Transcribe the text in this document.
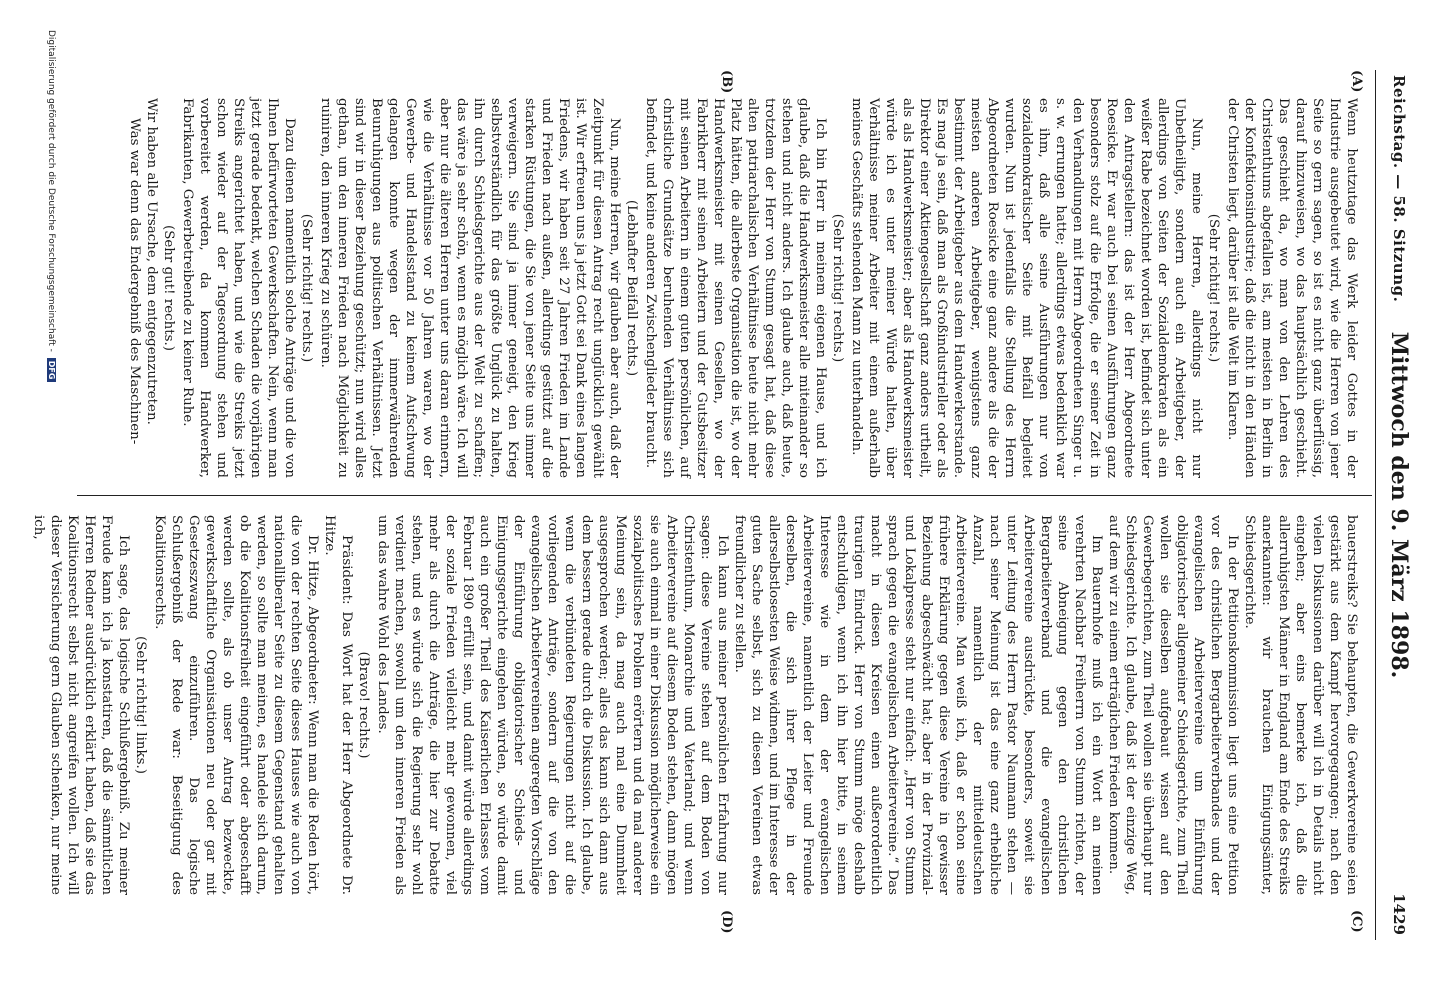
Reichstag. — 58. Sitzung.
Mittwoch den 9. März 1898.
1429
(A)
(B)
(C)
(D)

Wenn heutzutage das Werk leider Gottes in der Industrie ausgebeutet wird, wie die Herren von jener Seite so gern sagen, so ist es nicht ganz überflüssig, darauf hinzuweisen, wo das hauptsächlich geschieht. Das geschieht da, wo man von den Lehren des Christenthums abgefallen ist, am meisten in Berlin in der Konfektionsindustrie; daß die nicht in den Händen der Christen liegt, darüber ist alle Welt im Klaren.

(Sehr richtig! rechts.)

Nun, meine Herren, allerdings nicht nur Unbetheiligte, sondern auch ein Arbeitgeber, der allerdings von Seiten der Sozialdemokraten als ein weißer Rabe bezeichnet worden ist, befindet sich unter den Antragstellern: das ist der Herr Abgeordnete Roesicke. Er war auch bei seinen Ausführungen ganz besonders stolz auf die Erfolge, die er seiner Zeit in den Verhandlungen mit Herrn Abgeordneten Singer u. s. w. errungen hatte; allerdings etwas bedenklich war es ihm, daß alle seine Ausführungen nur von sozialdemokratischer Seite mit Beifall begleitet wurden. Nun ist jedenfalls die Stellung des Herrn Abgeordneten Roesicke eine ganz andere als die der meisten anderen Arbeitgeber, wenigstens ganz bestimmt der Arbeitgeber aus dem Handwerkerstande. Es mag ja sein, daß man als Großindustrieller oder als Direktor einer Aktiengesellschaft ganz anders urtheilt, als als Handwerksmeister; aber als Handwerksmeister würde ich es unter meiner Würde halten, über Verhältnisse meiner Arbeiter mit einem außerhalb meines Geschäfts stehenden Mann zu unterhandeln.

(Sehr richtig! rechts.)

Ich bin Herr in meinem eigenen Hause, und ich glaube, daß die Handwerksmeister alle miteinander so stehen und nicht anders. Ich glaube auch, daß heute, trotzdem der Herr von Stumm gesagt hat, daß diese alten patriarchalischen Verhältnisse heute nicht mehr Platz hätten, die allerbeste Organisation die ist, wo der Handwerksmeister mit seinen Gesellen, wo der Fabrikherr mit seinen Arbeitern und der Gutsbesitzer mit seinen Arbeitern in einem guten persönlichen, auf christliche Grundsätze beruhenden Verhältnisse sich befindet, und keine anderen Zwischenglieder braucht.

(Lebhafter Beifall rechts.)

Nun, meine Herren, wir glauben aber auch, daß der Zeitpunkt für diesen Antrag recht unglücklich gewählt ist. Wir erfreuen uns ja jetzt Gott sei Dank eines langen Friedens, wir haben seit 27 Jahren Frieden im Lande und Frieden nach außen, allerdings gestützt auf die starken Rüstungen, die Sie von jener Seite uns immer verweigern. Sie sind ja immer geneigt, den Krieg selbstverständlich für das größte Unglück zu halten, ihn durch Schiedsgerichte aus der Welt zu schaffen; das wäre ja sehr schön, wenn es möglich wäre. Ich will aber nur die älteren Herren unter uns daran erinnern, wie die Verhältnisse vor 50 Jahren waren, wo der Gewerbe- und Handelsstand zu keinem Aufschwung gelangen konnte wegen der immerwährenden Beunruhigungen aus politischen Verhältnissen. Jetzt sind wir in dieser Beziehung geschützt; nun wird alles gethan, um den inneren Frieden nach Möglichkeit zu ruiniren, den inneren Krieg zu schüren.

(Sehr richtig! rechts.)

Dazu dienen namentlich solche Anträge und die von Ihnen befürworteten Gewerkschaften. Nein, wenn man jetzt gerade bedenkt, welchen Schaden die vorjährigen Streiks angerichtet haben, und wie die Streiks jetzt schon wieder auf der Tagesordnung stehen und vorbereitet werden, da kommen Handwerker, Fabrikanten, Gewerbetreibende zu keiner Ruhe.

(Sehr gut! rechts.)

Wir haben alle Ursache, dem entgegenzutreten.

Was war denn das Endergebniß des Maschinen-

bauerstreiks? Sie behaupten, die Gewerkvereine seien gestärkt aus dem Kampf hervorgegangen; nach den vielen Diskussionen darüber will ich in Details nicht eingehen; aber eins bemerke ich, daß die allerruhigsten Männer in England am Ende des Streiks anerkannten: wir brauchen Einigungsämter, Schiedsgerichte.

In der Petitionskommission liegt uns eine Petition vor des christlichen Bergarbeiterverbandes und der evangelischen Arbeitervereine um Einführung obligatorischer allgemeiner Schiedsgerichte, zum Theil wollen sie dieselben aufgebaut wissen auf den Gewerbegerichten, zum Theil wollen sie überhaupt nur Schiedsgerichte. Ich glaube, daß ist der einzige Weg, auf dem wir zu einem erträglichen Frieden kommen.

Im Bauernhofe muß ich ein Wort an meinen verehrten Nachbar Freiherrn von Stumm richten, der seine Abneigung gegen den christlichen Bergarbeiterverband und die evangelischen Arbeitervereine ausdrückte, besonders, soweit sie unter Leitung des Herrn Pastor Naumann stehen — nach seiner Meinung ist das eine ganz erhebliche Anzahl, namentlich der mitteldeutschen Arbeitervereine. Man weiß ich, daß er schon seine frühere Erklärung gegen diese Vereine in gewisser Beziehung abgeschwächt hat; aber in der Provinzial- und Lokalpresse steht nur einfach: „Herr von Stumm sprach gegen die evangelischen Arbeitervereine.“ Das macht in diesen Kreisen einen außerordentlich traurigen Eindruck. Herr von Stumm möge deshalb entschuldigen, wenn ich ihn hier bitte, in seinem Interesse wie in dem der evangelischen Arbeitervereine, namentlich der Leiter und Freunde derselben, die sich ihrer Pflege in der allerselbstlosesten Weise widmen, und im Interesse der guten Sache selbst, sich zu diesen Vereinen etwas freundlicher zu stellen.

Ich kann aus meiner persönlichen Erfahrung nur sagen: diese Vereine stehen auf dem Boden von Christenthum, Monarchie und Vaterland; und wenn Arbeitervereine auf diesem Boden stehen, dann mögen sie auch einmal in einer Diskussion möglicherweise ein sozialpolitisches Problem erörtern und da mal anderer Meinung sein, da mag auch mal eine Dummheit ausgesprochen werden; alles das kann sich dann aus dem bessern gerade durch die Diskussion. Ich glaube, wenn die verbündeten Regierungen nicht auf die vorliegenden Anträge, sondern auf die von den evangelischen Arbeitervereinen angeregten Vorschläge der Einführung obligatorischer Schieds- und Einigungsgerichte eingehen würden, so würde damit auch ein großer Theil des Kaiserlichen Erlasses vom Februar 1890 erfüllt sein, und damit würde allerdings der soziale Frieden vielleicht mehr gewonnen, viel mehr als durch die Anträge, die hier zur Debatte stehen, und es würde sich die Regierung sehr wohl verdient machen, sowohl um den inneren Frieden als um das wahre Wohl des Landes.

(Bravo! rechts.)

Präsident: Das Wort hat der Herr Abgeordnete Dr. Hitze.

Dr. Hitze, Abgeordneter: Wenn man die Reden hört, die von der rechten Seite dieses Hauses wie auch von nationalliberaler Seite zu diesem Gegenstand gehalten werden, so sollte man meinen, es handele sich darum, ob die Koalitionsfreiheit eingeführt oder abgeschafft werden sollte, als ob unser Antrag bezweckte, gewerkschaftliche Organisationen neu oder gar mit Gesetzeszwang einzuführen. Das logische Schlußergebniß der Rede war: Beseitigung des Koalitionsrechts.

(Sehr richtig! links.)

Ich sage, das logische Schlußergebniß. Zu meiner Freude kann ich ja konstatiren, daß die sämmtlichen Herren Redner ausdrücklich erklärt haben, daß sie das Koalitionsrecht selbst nicht angreifen wollen. Ich will dieser Versicherung gern Glauben schenken, nur meine ich,

Digitalisierung gefördert durch die Deutsche Forschungsgemeinschaft - DFG
